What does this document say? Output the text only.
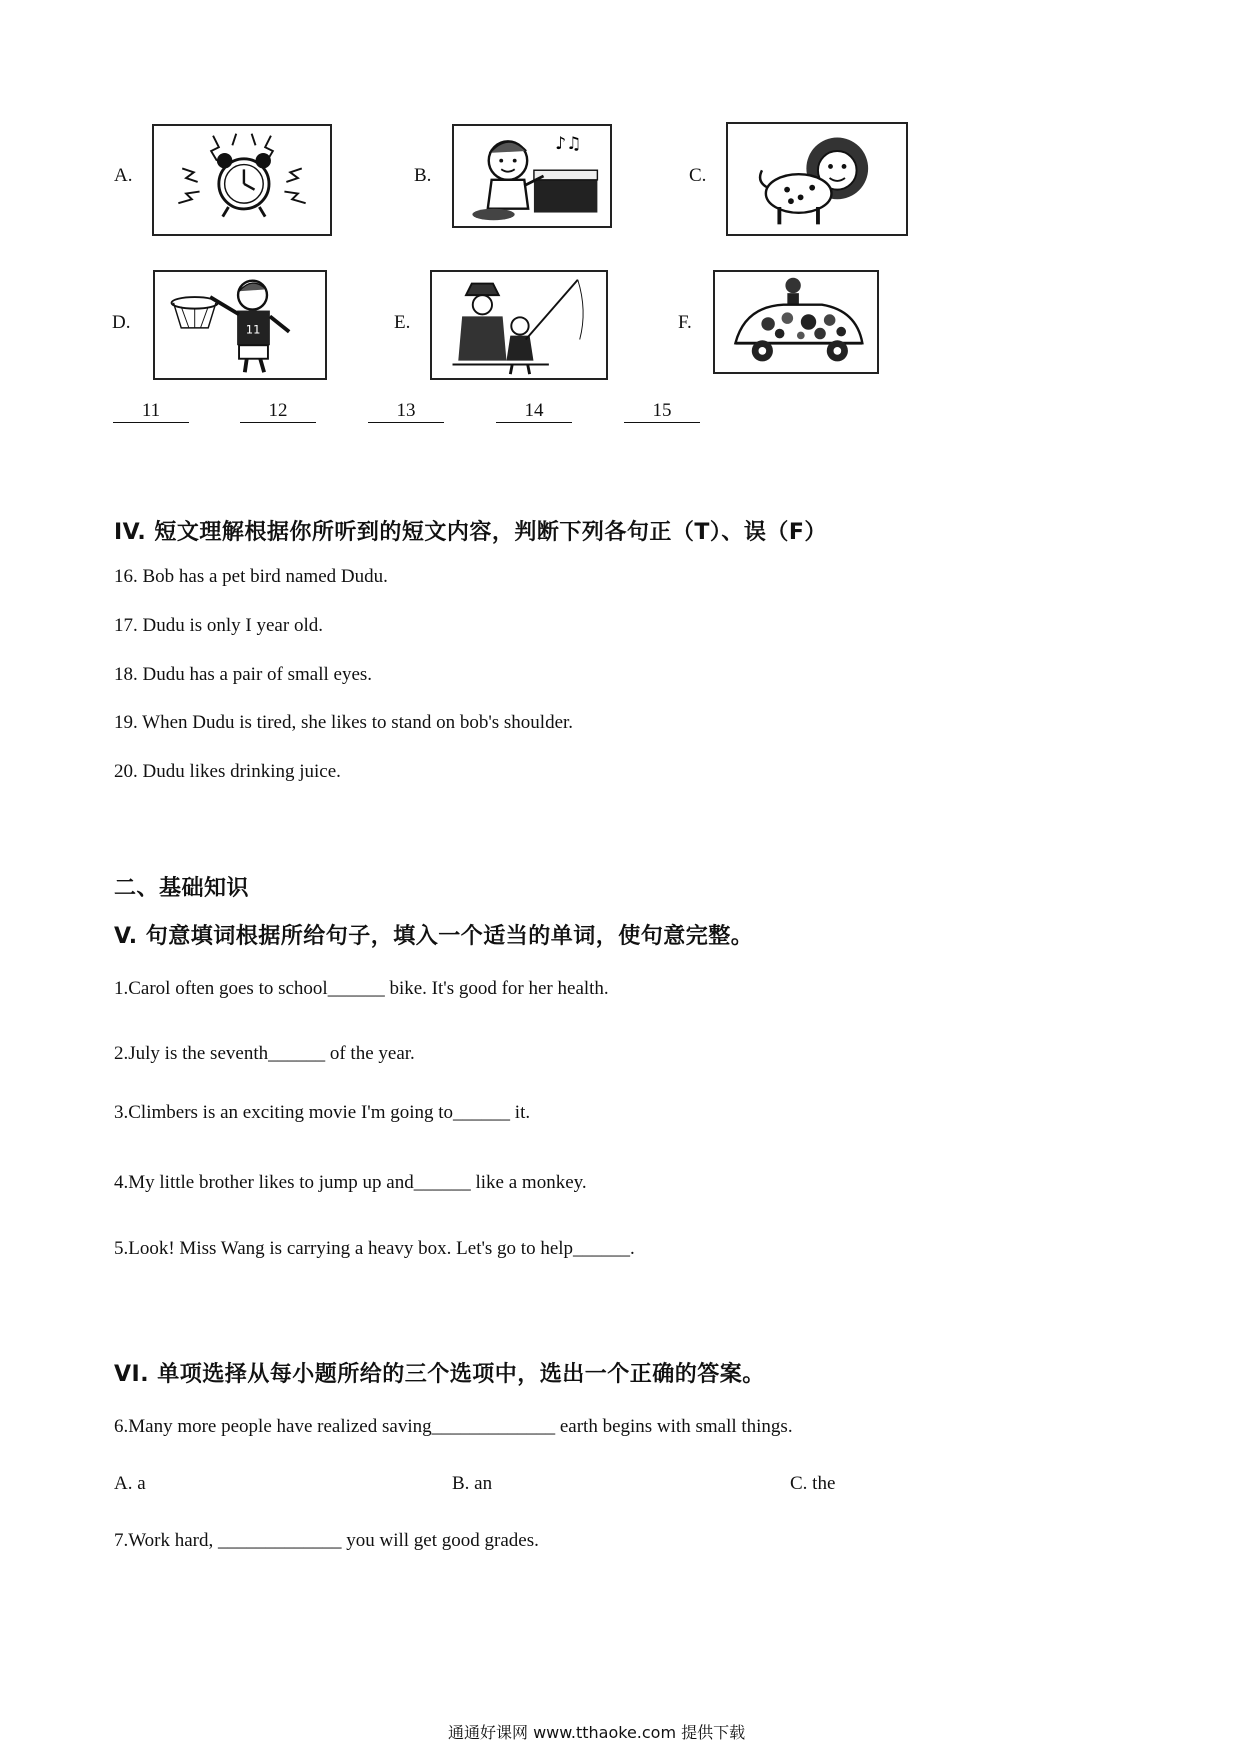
A.	B.
♪♫
C.
D.	11	E.	F.
11	12	13	14	15
IV. 短文理解根据你所听到的短文内容，判断下列各句正（T）、误（F）
16. Bob has a pet bird named Dudu.
17. Dudu is only I year old.
18. Dudu has a pair of small eyes.
19. When Dudu is tired, she likes to stand on bob's shoulder.
20. Dudu likes drinking juice.
二、基础知识
V. 句意填词根据所给句子，填入一个适当的单词，使句意完整。
1.Carol often goes to school______ bike. It's good for her health.
2.July is the seventh______ of the year.
3.Climbers is an exciting movie I'm going to______ it.
4.My little brother likes to jump up and______ like a monkey.
5.Look! Miss Wang is carrying a heavy box. Let's go to help______.
VI. 单项选择从每小题所给的三个选项中，选出一个正确的答案。
6.Many more people have realized saving_____________ earth begins with small things.
A. a	B. an	C. the
7.Work hard, _____________ you will get good grades.
通通好课网 www.tthaoke.com 提供下载
